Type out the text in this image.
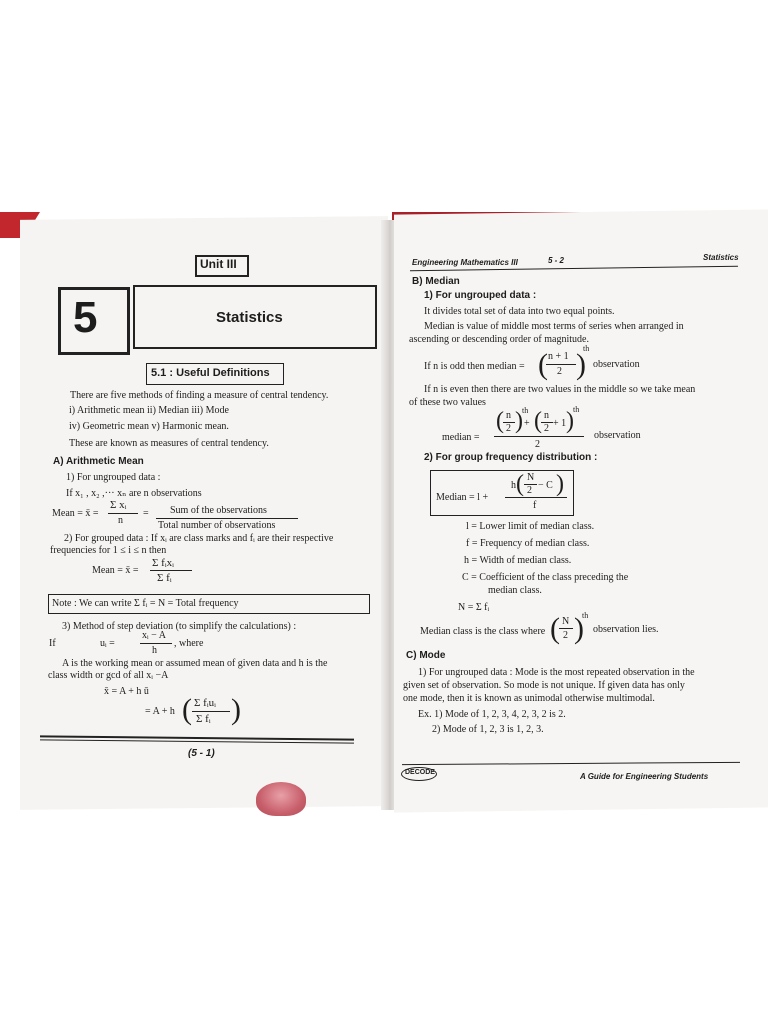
Unit III
5	Statistics
5.1 : Useful Definitions
There are five methods of finding a measure of central tendency.
i) Arithmetic mean ii) Median iii) Mode
iv) Geometric mean v) Harmonic mean.
These are known as measures of central tendency.
A) Arithmetic Mean
1) For ungrouped data :
If x₁ , x₂ ,··· xₙ are n observations
Mean = x̄ =
Σ xᵢ
n
= Sum of the observations
Total number of observations
2) For grouped data : If xᵢ are class marks and fᵢ are their respective
frequencies for 1 ≤ i ≤ n then
Mean = x̄ =
Σ fᵢxᵢ
Σ fᵢ
Note : We can write Σ fᵢ = N = Total frequency
3) Method of step deviation (to simplify the calculations) :
If	uᵢ =
xᵢ − A
h
, where
A is the working mean or assumed mean of given data and h is the
class width or gcd of all xᵢ −A
x̄ = A + h ū
= A + h ( Σ fᵢuᵢ
Σ fᵢ )
(5 - 1)
Engineering Mathematics III	5 - 2	Statistics
B) Median
1) For ungrouped data :
It divides total set of data into two equal points.
Median is value of middle most terms of series when arranged in
ascending or descending order of magnitude.
If n is odd then median = ( n + 1
2 )
th
observation
If n is even then there are two values in the middle so we take mean
of these two values
median =
( n
2 ) th
+ ( n
2 + 1 ) th
2
observation
2) For group frequency distribution :
Median = l +
h ( N
2 − C )
f
l = Lower limit of median class.
f = Frequency of median class.
h = Width of median class.
C = Coefficient of the class preceding the
median class.
N = Σ fᵢ
Median class is the class where ( N
2 )
th
observation lies.
C) Mode
1) For ungrouped data : Mode is the most repeated observation in the
given set of observation. So mode is not unique. If given data has only
one mode, then it is known as unimodal otherwise multimodal.
Ex. 1) Mode of 1, 2, 3, 4, 2, 3, 2 is 2.
2) Mode of 1, 2, 3 is 1, 2, 3.
DECODE	A Guide for Engineering Students
